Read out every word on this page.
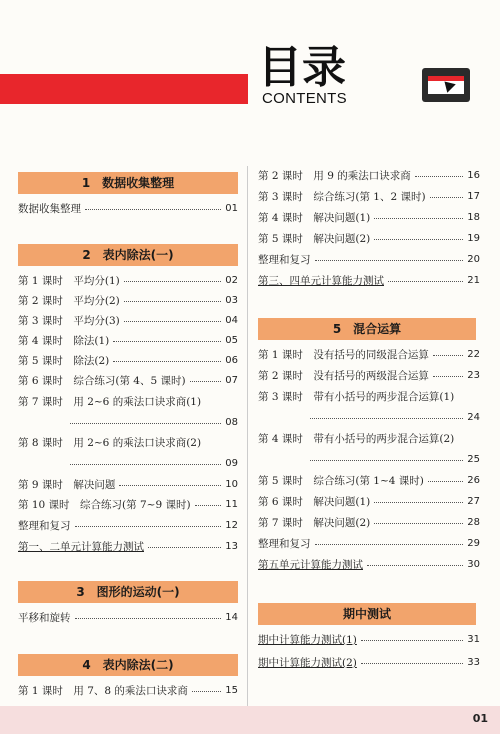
目录
CONTENTS
1　数据收集整理
数据收集整理	01
2　表内除法(一)
第 1 课时　平均分(1)	02
第 2 课时　平均分(2)	03
第 3 课时　平均分(3)	04
第 4 课时　除法(1)	05
第 5 课时　除法(2)	06
第 6 课时　综合练习(第 4、5 课时)	07
第 7 课时　用 2~6 的乘法口诀求商(1)
08
第 8 课时　用 2~6 的乘法口诀求商(2)
09
第 9 课时　解决问题	10
第 10 课时　综合练习(第 7~9 课时)	11
整理和复习	12
第一、二单元计算能力测试	13
3　图形的运动(一)
平移和旋转	14
4　表内除法(二)
第 1 课时　用 7、8 的乘法口诀求商	15
第 2 课时　用 9 的乘法口诀求商	16
第 3 课时　综合练习(第 1、2 课时)	17
第 4 课时　解决问题(1)	18
第 5 课时　解决问题(2)	19
整理和复习	20
第三、四单元计算能力测试	21
5　混合运算
第 1 课时　没有括号的同级混合运算	22
第 2 课时　没有括号的两级混合运算	23
第 3 课时　带有小括号的两步混合运算(1)
24
第 4 课时　带有小括号的两步混合运算(2)
25
第 5 课时　综合练习(第 1~4 课时)	26
第 6 课时　解决问题(1)	27
第 7 课时　解决问题(2)	28
整理和复习	29
第五单元计算能力测试	30
期中测试
期中计算能力测试(1)	31
期中计算能力测试(2)	33
01
